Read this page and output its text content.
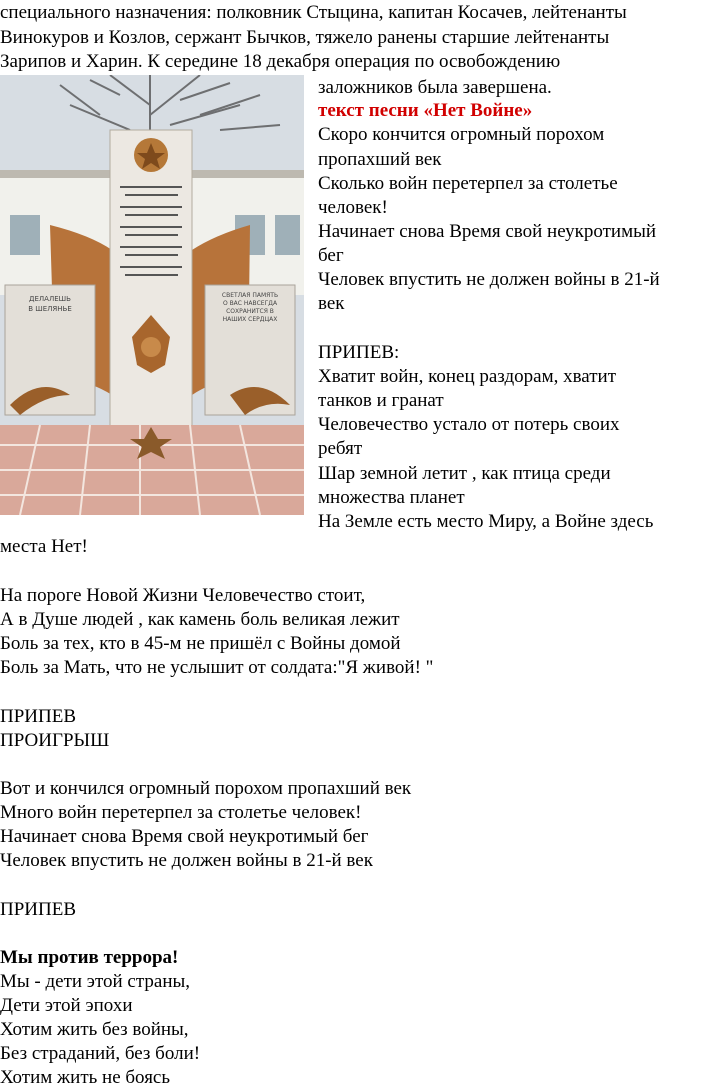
специального назначения: полковник Стыцина, капитан Косачев, лейтенанты

Винокуров и Козлов, сержант Бычков, тяжело ранены старшие лейтенанты

Зарипов и Харин. К середине 18 декабря операция по освобождению

ДЕЛАЛЕШЬ
В ШЕЛЯНЬЕ
СВЕТЛАЯ ПАМЯТЬ
О ВАС НАВСЕГДА
СОХРАНИТСЯ В
НАШИХ СЕРДЦАХ

заложников была завершена.

текст песни «Нет Войне»

Скоро кончится огромный порохом

пропахший век

Сколько войн перетерпел за столетье

человек!

Начинает снова Время свой неукротимый

бег

Человек впустить не должен войны в 21-й

век

ПРИПЕВ:

Хватит войн, конец раздорам, хватит

танков и гранат

Человечество устало от потерь своих

ребят

Шар земной летит , как птица среди

множества планет

На Земле есть место Миру, а Войне здесь

места Нет!

На пороге Новой Жизни Человечество стоит,

А в Душе людей , как камень боль великая лежит

Боль за тех, кто в 45-м не пришёл с Войны домой

Боль за Мать, что не услышит от солдата:"Я живой! "

ПРИПЕВ

ПРОИГРЫШ

Вот и кончился огромный порохом пропахший век

Много войн перетерпел за столетье человек!

Начинает снова Время свой неукротимый бег

Человек впустить не должен войны в 21-й век

ПРИПЕВ

Мы против террора!

Мы - дети этой страны,

Дети этой эпохи

Хотим жить без войны,

Без страданий, без боли!

Хотим жить не боясь
